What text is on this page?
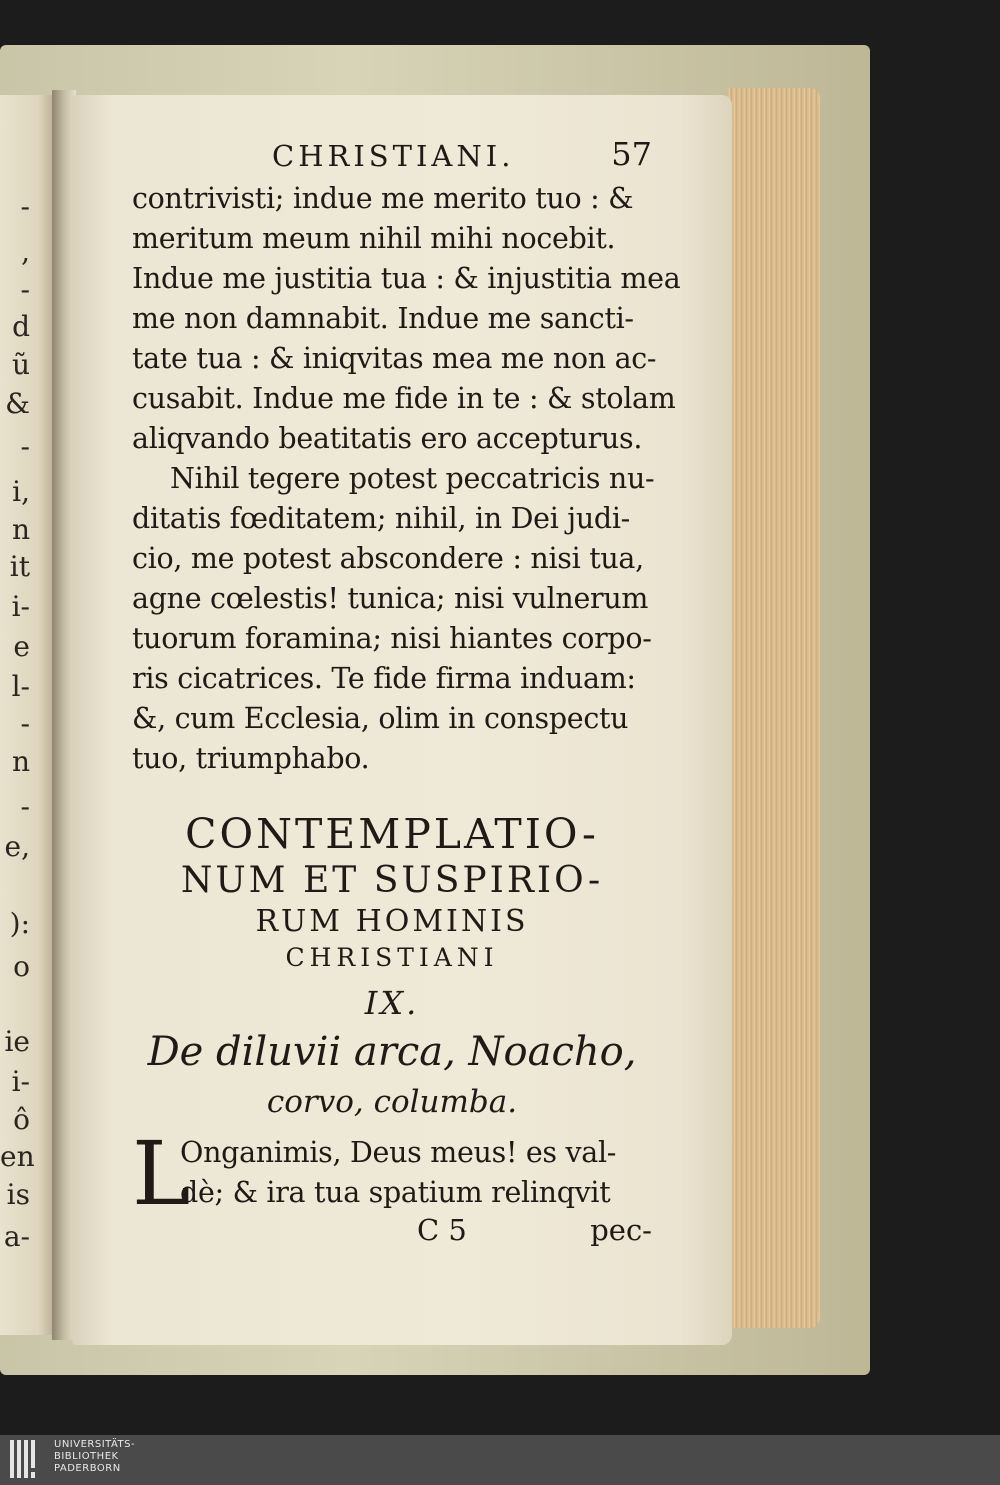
-
,
-
d
ũ
&
-
i,
n
it
i-
e
l-
-
n
-
e,
):
o
ie
i-
ô
en
is
a-
CHRISTIANI.	57
contrivisti; indue me merito tuo : &
meritum meum nihil mihi nocebit.
Indue me justitia tua : & injustitia mea
me non damnabit. Indue me sancti-
tate tua : & iniqvitas mea me non ac-
cusabit. Indue me fide in te : & stolam
aliqvando beatitatis ero accepturus.
Nihil tegere potest peccatricis nu-
ditatis fœditatem; nihil, in Dei judi-
cio, me potest abscondere : nisi tua,
agne cœlestis! tunica; nisi vulnerum
tuorum foramina; nisi hiantes corpo-
ris cicatrices. Te fide firma induam:
&, cum Ecclesia, olim in conspectu
tuo, triumphabo.
CONTEMPLATIO-
NUM ET SUSPIRIO-
RUM HOMINIS
CHRISTIANI
IX.
De diluvii arca, Noacho,
corvo, columba.
L
Onganimis, Deus meus! es val-
dè; & ira tua spatium relinqvit
C 5	pec-
UNIVERSITÄTS-
BIBLIOTHEK
PADERBORN
